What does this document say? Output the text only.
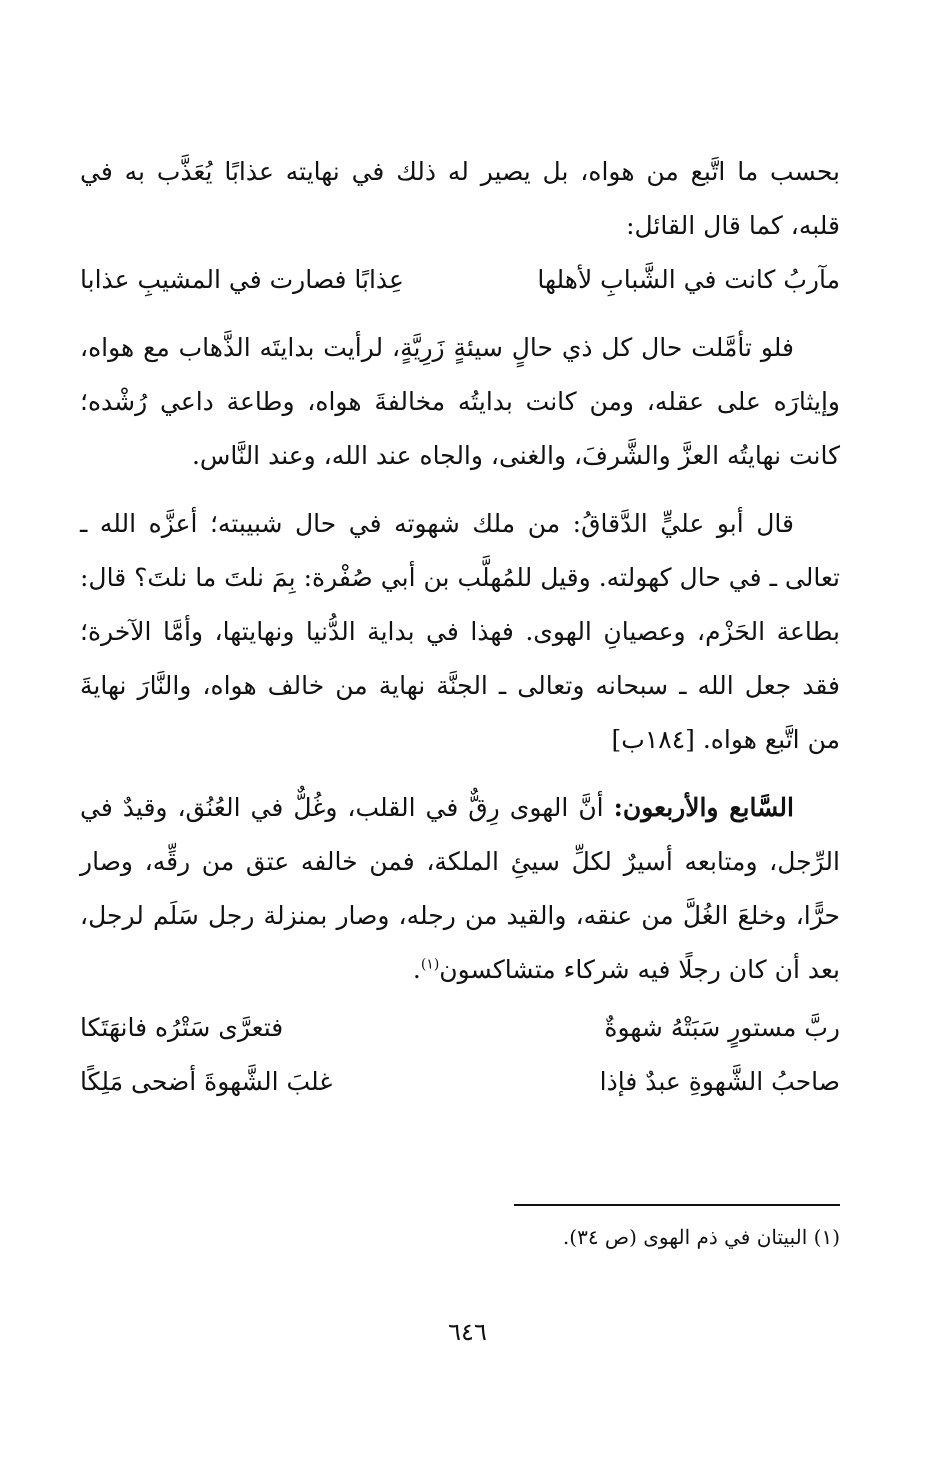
بحسب ما اتَّبع من هواه، بل يصير له ذلك في نهايته عذابًا يُعَذَّب به في قلبه، كما قال القائل:

مآربُ كانت في الشَّبابِ لأهلها
عِذابًا فصارت في المشيبِ عذابا

فلو تأمَّلت حال كل ذي حالٍ سيئةٍ زَرِيَّةٍ، لرأيت بدايتَه الذَّهاب مع هواه، وإيثارَه على عقله، ومن كانت بدايتُه مخالفةَ هواه، وطاعة داعي رُشْده؛ كانت نهايتُه العزَّ والشَّرفَ، والغنى، والجاه عند الله، وعند النَّاس.

قال أبو عليٍّ الدَّقاقُ: من ملك شهوته في حال شبيبته؛ أعزَّه الله ـ تعالى ـ في حال كهولته. وقيل للمُهلَّب بن أبي صُفْرة: بِمَ نلتَ ما نلتَ؟ قال: بطاعة الحَزْم، وعصيانِ الهوى. فهذا في بداية الدُّنيا ونهايتها، وأمَّا الآخرة؛ فقد جعل الله ـ سبحانه وتعالى ـ الجنَّة نهاية من خالف هواه، والنَّارَ نهايةَ من اتَّبع هواه. [١٨٤ب]

السَّابع والأربعون: أنَّ الهوى رِقٌّ في القلب، وغُلٌّ في العُنُق، وقيدٌ في الرِّجل، ومتابعه أسيرٌ لكلِّ سيئِ الملكة، فمن خالفه عتق من رقِّه، وصار حرًّا، وخلعَ الغُلَّ من عنقه، والقيد من رجله، وصار بمنزلة رجل سَلَم لرجل، بعد أن كان رجلًا فيه شركاء متشاكسون$^{(١)}$.

ربَّ مستورٍ سَبَتْهُ شهوةٌ
فتعرَّى سَتْرُه فانهَتَكا
صاحبُ الشَّهوةِ عبدٌ فإذا
غلبَ الشَّهوةَ أضحى مَلِكًا
(١) البيتان في ذم الهوى (ص ٣٤).
٦٤٦
